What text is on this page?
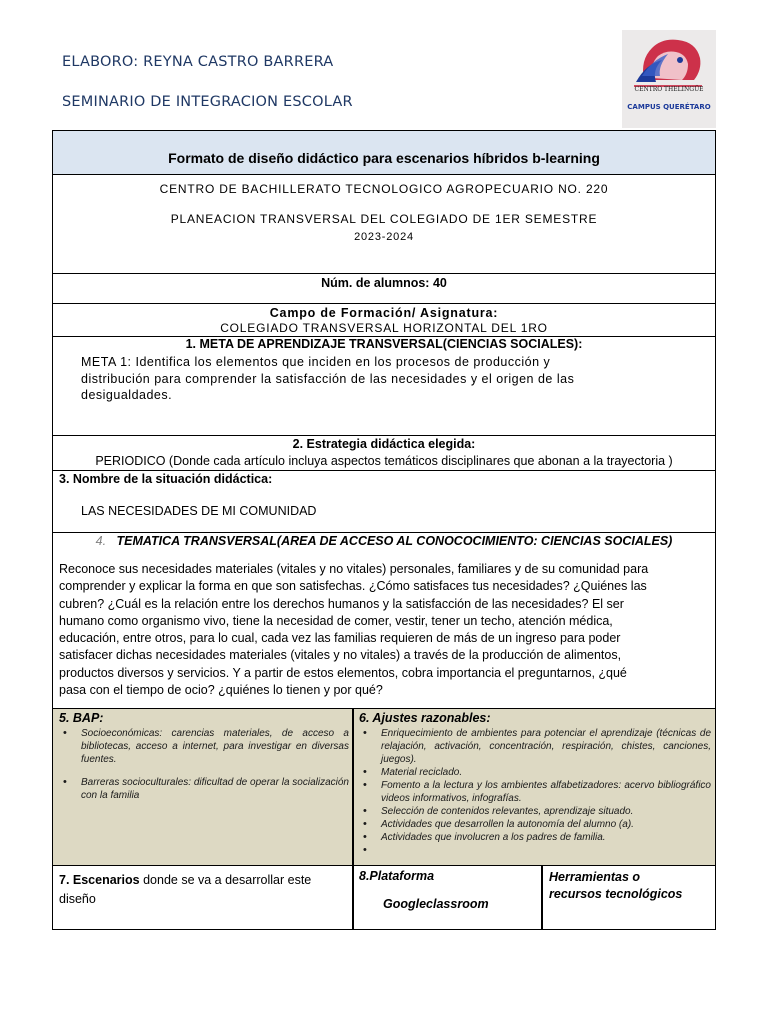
ELABORO: REYNA CASTRO BARRERA
SEMINARIO DE INTEGRACION ESCOLAR
CENTRO THELINGÜE
CAMPUS QUERÉTARO
Formato de diseño didáctico para escenarios híbridos b-learning
CENTRO DE BACHILLERATO TECNOLOGICO AGROPECUARIO NO. 220
PLANEACION TRANSVERSAL DEL COLEGIADO DE 1ER SEMESTRE
2023-2024
Núm. de alumnos: 40
Campo de Formación/ Asignatura:
COLEGIADO TRANSVERSAL HORIZONTAL DEL 1RO
1. META DE APRENDIZAJE TRANSVERSAL(CIENCIAS SOCIALES):
META 1: Identifica los elementos que inciden en los procesos de producción y
distribución para comprender la satisfacción de las necesidades y el origen de las
desigualdades.
2. Estrategia didáctica elegida:
PERIODICO (Donde cada artículo incluya aspectos temáticos disciplinares que abonan a la trayectoria )
3. Nombre de la situación didáctica:
LAS NECESIDADES DE MI COMUNIDAD
4. TEMATICA TRANSVERSAL(AREA DE ACCESO AL CONOCOCIMIENTO: CIENCIAS SOCIALES)
Reconoce sus necesidades materiales (vitales y no vitales) personales, familiares y de su comunidad para
comprender y explicar la forma en que son satisfechas. ¿Cómo satisfaces tus necesidades? ¿Quiénes las
cubren? ¿Cuál es la relación entre los derechos humanos y la satisfacción de las necesidades? El ser
humano como organismo vivo, tiene la necesidad de comer, vestir, tener un techo, atención médica,
educación, entre otros, para lo cual, cada vez las familias requieren de más de un ingreso para poder
satisfacer dichas necesidades materiales (vitales y no vitales) a través de la producción de alimentos,
productos diversos y servicios. Y a partir de estos elementos, cobra importancia el preguntarnos, ¿qué
pasa con el tiempo de ocio? ¿quiénes lo tienen y por qué?
5. BAP:
• Socioeconómicas: carencias materiales, de acceso a bibliotecas, acceso a internet, para investigar en diversas fuentes.
• Barreras socioculturales: dificultad de operar la socialización con la familia
6. Ajustes razonables:
• Enriquecimiento de ambientes para potenciar el aprendizaje (técnicas de relajación, activación, concentración, respiración, chistes, canciones, juegos).
• Material reciclado.
• Fomento a la lectura y los ambientes alfabetizadores: acervo bibliográfico videos informativos, infografías.
• Selección de contenidos relevantes, aprendizaje situado.
• Actividades que desarrollen la autonomía del alumno (a).
• Actividades que involucren a los padres de familia.
•
7. Escenarios donde se va a desarrollar este
diseño
8.Plataforma
Googleclassroom
Herramientas o
recursos tecnológicos
